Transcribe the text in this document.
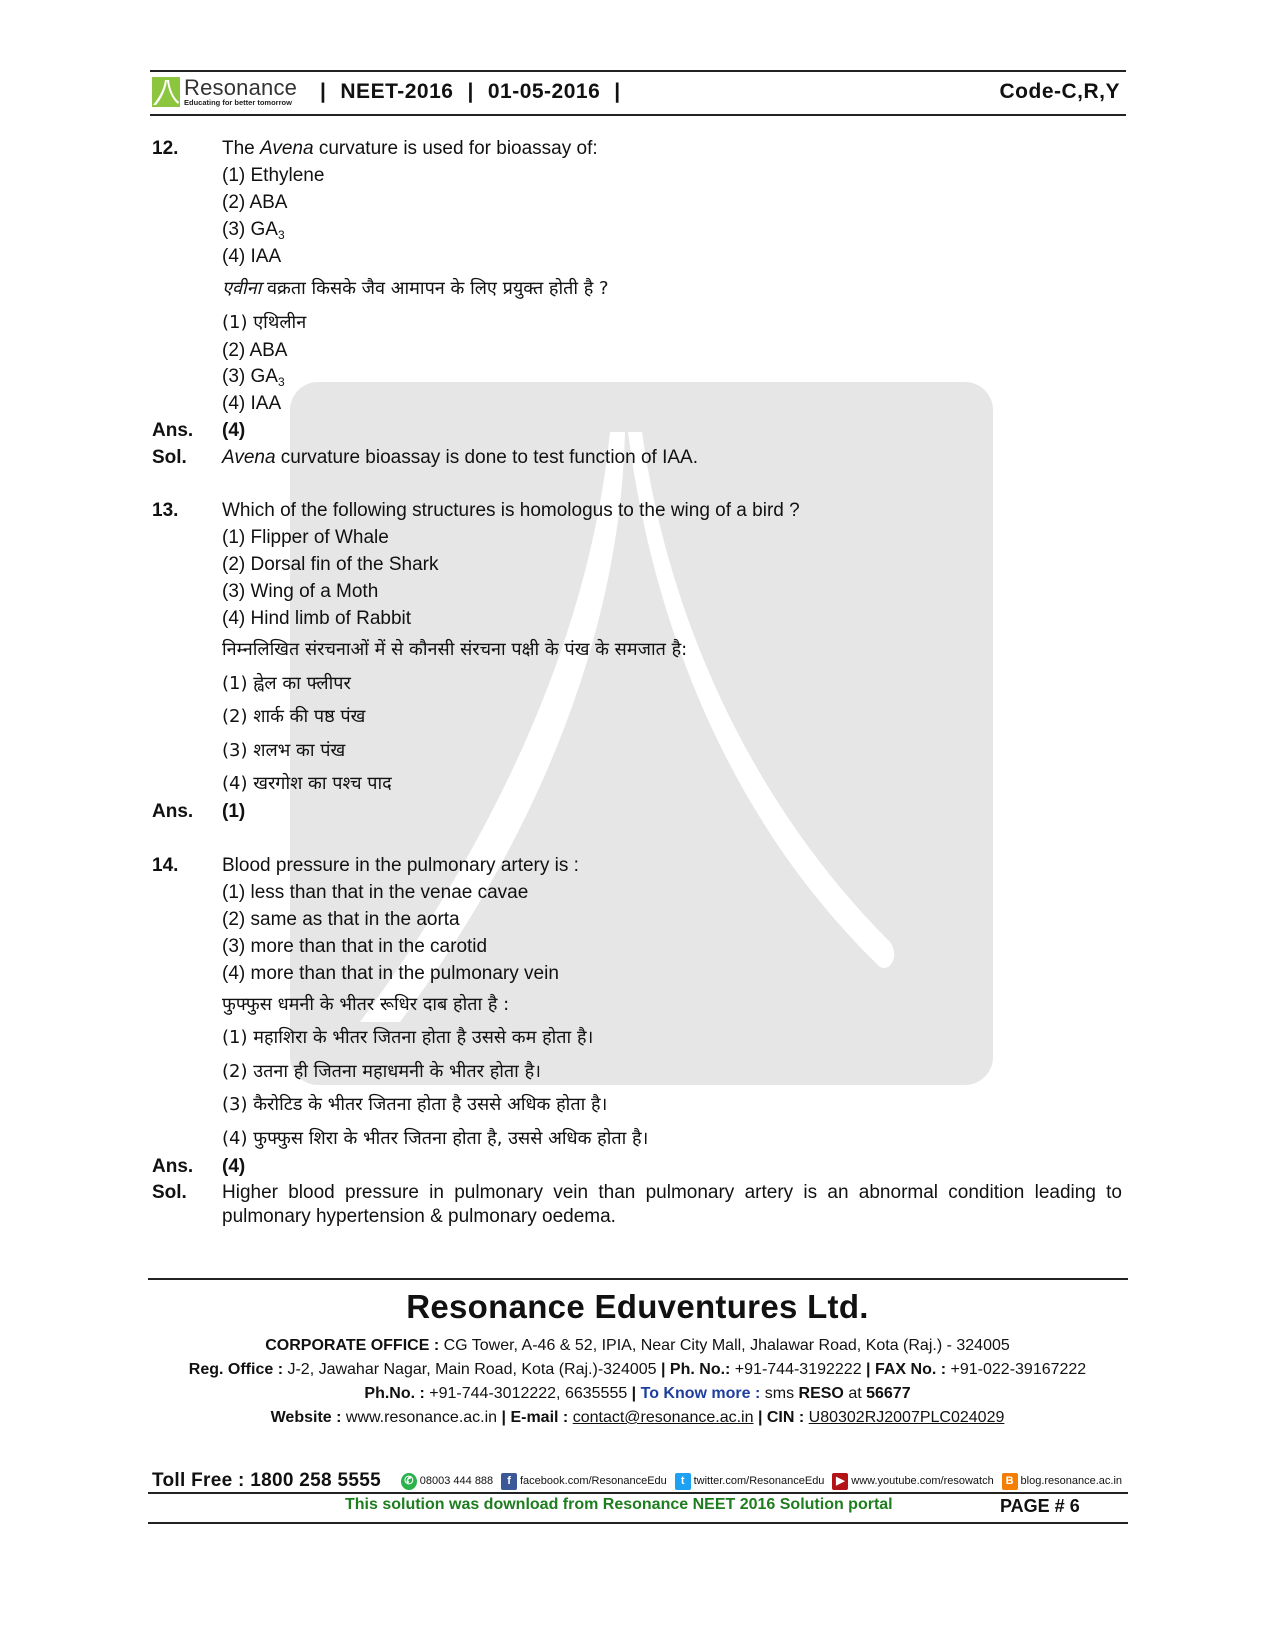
Resonance
Educating for better tomorrow | NEET-2016 | 01-05-2016 |	Code-C,R,Y
12. The Avena curvature is used for bioassay of:
(1) Ethylene
(2) ABA
(3) $GA_3$
(4) IAA
एवीना वक्रता किसके जैव आमापन के लिए प्रयुक्त होती है ?
(1) एथिलीन
(2) ABA
(3) $GA_3$
(4) IAA
Ans. (4)
Sol. Avena curvature bioassay is done to test function of IAA.
13. Which of the following structures is homologus to the wing of a bird ?
(1) Flipper of Whale
(2) Dorsal fin of the Shark
(3) Wing of a Moth
(4) Hind limb of Rabbit
निम्नलिखित संरचनाओं में से कौनसी संरचना पक्षी के पंख के समजात है:
(1) ह्वेल का फ्लीपर
(2) शार्क की पष्ठ पंख
(3) शलभ का पंख
(4) खरगोश का पश्च पाद
Ans. (1)
14. Blood pressure in the pulmonary artery is :
(1) less than that in the venae cavae
(2) same as that in the aorta
(3) more than that in the carotid
(4) more than that in the pulmonary vein
फुफ्फुस धमनी के भीतर रूधिर दाब होता है :
(1) महाशिरा के भीतर जितना होता है उससे कम होता है।
(2) उतना ही जितना महाधमनी के भीतर होता है।
(3) कैरोटिड के भीतर जितना होता है उससे अधिक होता है।
(4) फुफ्फुस शिरा के भीतर जितना होता है, उससे अधिक होता है।
Ans. (4)
Sol. Higher blood pressure in pulmonary vein than pulmonary artery is an abnormal condition leading to pulmonary hypertension & pulmonary oedema.
Resonance Eduventures Ltd.
CORPORATE OFFICE : CG Tower, A-46 & 52, IPIA, Near City Mall, Jhalawar Road, Kota (Raj.) - 324005
Reg. Office : J-2, Jawahar Nagar, Main Road, Kota (Raj.)-324005 | Ph. No.: +91-744-3192222 | FAX No. : +91-022-39167222
Ph.No. : +91-744-3012222, 6635555 | To Know more : sms RESO at 56677
Website : www.resonance.ac.in | E-mail : contact@resonance.ac.in | CIN : U80302RJ2007PLC024029
Toll Free : 1800 258 5555 ✆ 08003 444 888	f facebook.com/ResonanceEdu	t twitter.com/ResonanceEdu	▶ www.youtube.com/resowatch	B blog.resonance.ac.in
This solution was download from Resonance NEET 2016 Solution portal	PAGE # 6
